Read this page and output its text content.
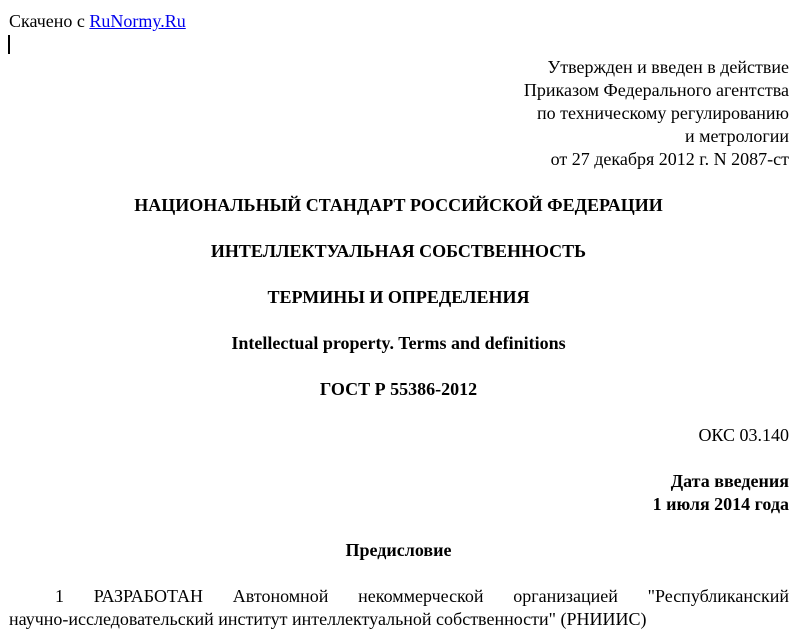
Скачено с RuNormy.Ru
Утвержден и введен в действие
Приказом Федерального агентства
по техническому регулированию
и метрологии
от 27 декабря 2012 г. N 2087-ст
НАЦИОНАЛЬНЫЙ СТАНДАРТ РОССИЙСКОЙ ФЕДЕРАЦИИ
ИНТЕЛЛЕКТУАЛЬНАЯ СОБСТВЕННОСТЬ
ТЕРМИНЫ И ОПРЕДЕЛЕНИЯ
Intellectual property. Terms and definitions
ГОСТ Р 55386-2012
ОКС 03.140
Дата введения
1 июля 2014 года
Предисловие
1 РАЗРАБОТАН Автономной некоммерческой организацией "Республиканский
научно-исследовательский институт интеллектуальной собственности" (РНИИИС)
